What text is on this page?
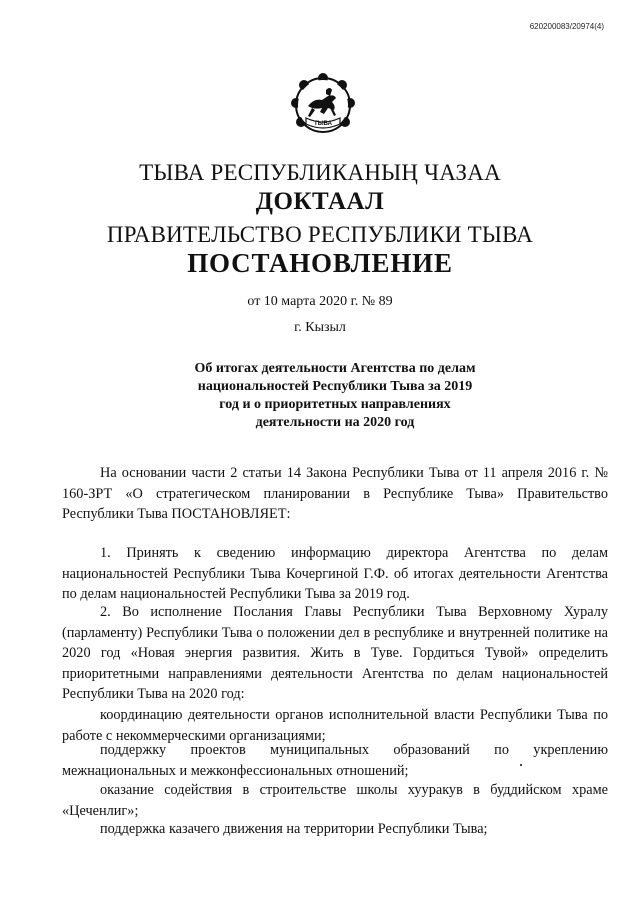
620200083/20974(4)
ТЫВА
ТЫВА РЕСПУБЛИКАНЫҢ ЧАЗАА
ДОКТААЛ
ПРАВИТЕЛЬСТВО РЕСПУБЛИКИ ТЫВА
ПОСТАНОВЛЕНИЕ
от 10 марта 2020 г. № 89
г. Кызыл
Об итогах деятельности Агентства по делам национальностей Республики Тыва за 2019 год и о приоритетных направлениях деятельности на 2020 год

На основании части 2 статьи 14 Закона Республики Тыва от 11 апреля 2016 г. № 160-ЗРТ «О стратегическом планировании в Республике Тыва» Правительство Республики Тыва ПОСТАНОВЛЯЕТ:

1. Принять к сведению информацию директора Агентства по делам национальностей Республики Тыва Кочергиной Г.Ф. об итогах деятельности Агентства по делам национальностей Республики Тыва за 2019 год.

2. Во исполнение Послания Главы Республики Тыва Верховному Хуралу (парламенту) Республики Тыва о положении дел в республике и внутренней политике на 2020 год «Новая энергия развития. Жить в Туве. Гордиться Тувой» определить приоритетными направлениями деятельности Агентства по делам национальностей Республики Тыва на 2020 год:

координацию деятельности органов исполнительной власти Республики Тыва по работе с некоммерческими организациями;

поддержку проектов муниципальных образований по укреплению межнациональных и межконфессиональных отношений;

оказание содействия в строительстве школы хууракув в буддийском храме «Цеченлиг»;

поддержка казачего движения на территории Республики Тыва;
